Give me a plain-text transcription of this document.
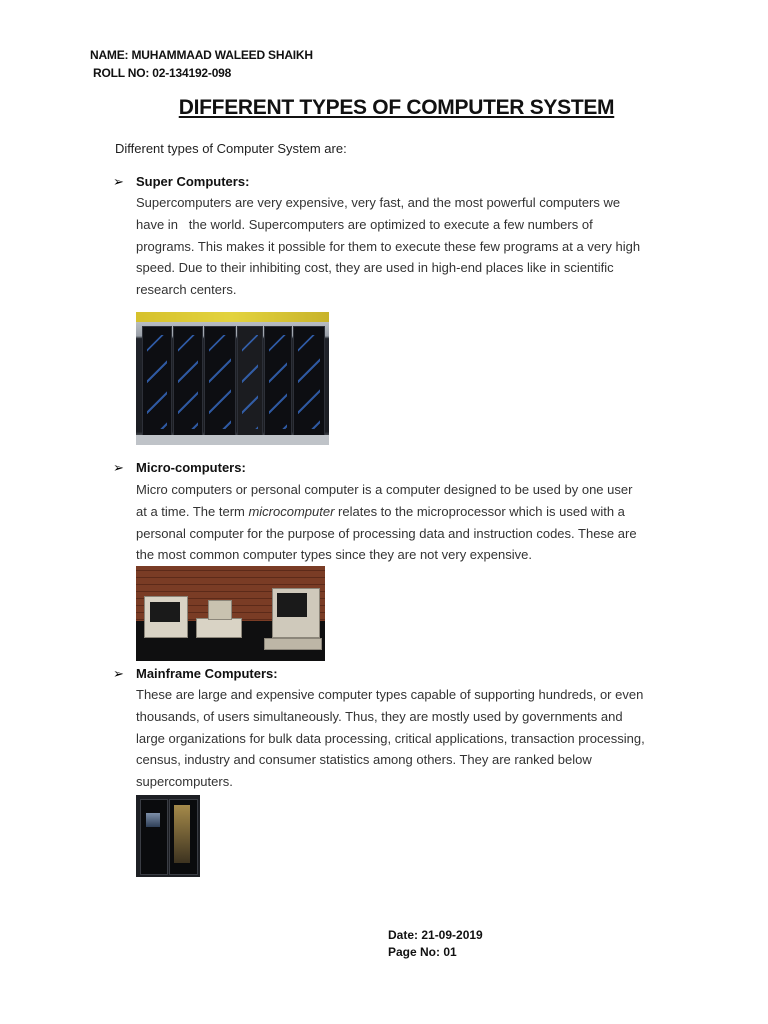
NAME: MUHAMMAAD WALEED SHAIKH
ROLL NO: 02-134192-098
DIFFERENT TYPES OF COMPUTER SYSTEM
Different types of Computer System are:
➢ Super Computers:

Supercomputers are very expensive, very fast, and the most powerful computers we

have in   the world. Supercomputers are optimized to execute a few numbers of

programs. This makes it possible for them to execute these few programs at a very high

speed. Due to their inhibiting cost, they are used in high-end places like in scientific

research centers.

➢ Micro-computers:

Micro computers or personal computer is a computer designed to be used by one user

at a time. The term microcomputer relates to the microprocessor which is used with a

personal computer for the purpose of processing data and instruction codes. These are

the most common computer types since they are not very expensive.

➢ Mainframe Computers:

These are large and expensive computer types capable of supporting hundreds, or even

thousands, of users simultaneously. Thus, they are mostly used by governments and

large organizations for bulk data processing, critical applications, transaction processing,

census, industry and consumer statistics among others. They are ranked below

supercomputers.

Date: 21-09-2019
Page No: 01
